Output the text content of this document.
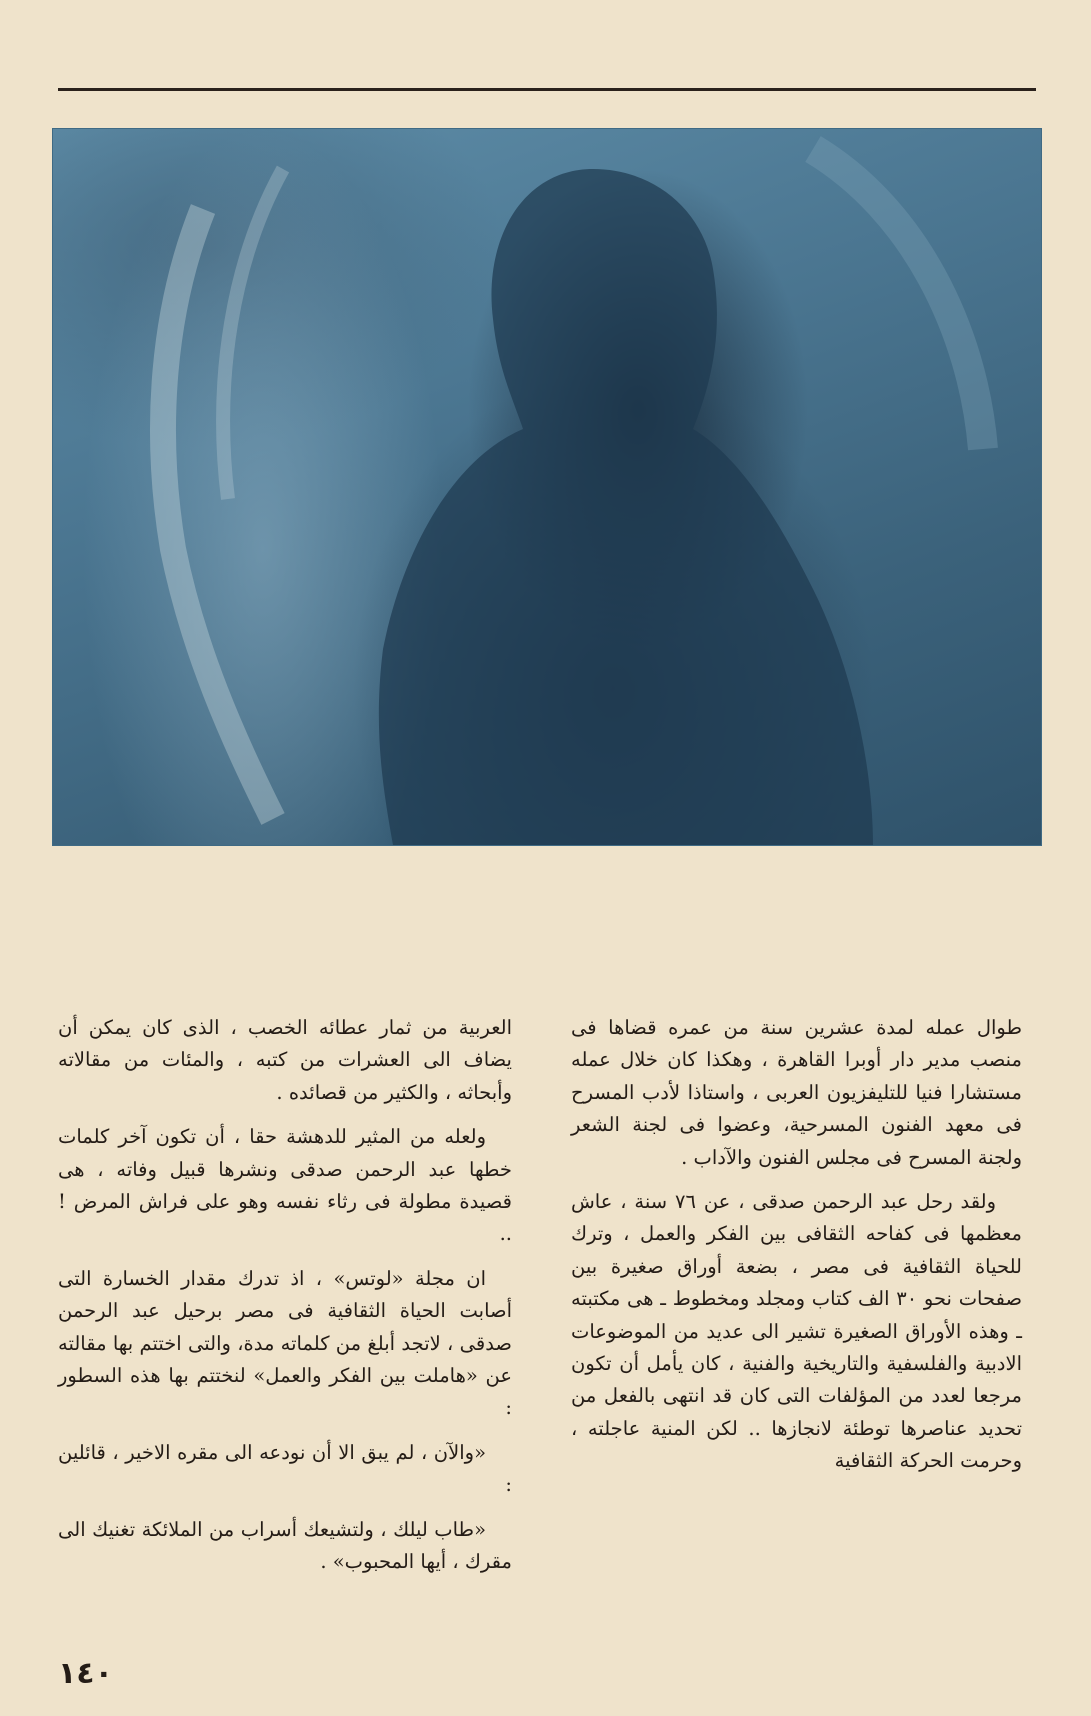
طوال عمله لمدة عشرين سنة من عمره قضاها فى منصب مدير دار أوبرا القاهرة ، وهكذا كان خلال عمله مستشارا فنيا للتليفزيون العربى ، واستاذا لأدب المسرح فى معهد الفنون المسرحية، وعضوا فى لجنة الشعر ولجنة المسرح فى مجلس الفنون والآداب .

ولقد رحل عبد الرحمن صدقى ، عن ٧٦ سنة ، عاش معظمها فى كفاحه الثقافى بين الفكر والعمل ، وترك للحياة الثقافية فى مصر ، بضعة أوراق صغيرة بين صفحات نحو ٣٠ الف كتاب ومجلد ومخطوط ـ هى مكتبته ـ وهذه الأوراق الصغيرة تشير الى عديد من الموضوعات الادبية والفلسفية والتاريخية والفنية ، كان يأمل أن تكون مرجعا لعدد من المؤلفات التى كان قد انتهى بالفعل من تحديد عناصرها توطئة لانجازها .. لكن المنية عاجلته ، وحرمت الحركة الثقافية

العربية من ثمار عطائه الخصب ، الذى كان يمكن أن يضاف الى العشرات من كتبه ، والمئات من مقالاته وأبحاثه ، والكثير من قصائده .

ولعله من المثير للدهشة حقا ، أن تكون آخر كلمات خطها عبد الرحمن صدقى ونشرها قبيل وفاته ، هى قصيدة مطولة فى رثاء نفسه وهو على فراش المرض ! ..

ان مجلة «لوتس» ، اذ تدرك مقدار الخسارة التى أصابت الحياة الثقافية فى مصر برحيل عبد الرحمن صدقى ، لاتجد أبلغ من كلماته مدة، والتى اختتم بها مقالته عن «هاملت بين الفكر والعمل» لنختتم بها هذه السطور :

«والآن ، لم يبق الا أن نودعه الى مقره الاخير ، قائلين :

«طاب ليلك ، ولتشيعك أسراب من الملائكة تغنيك الى مقرك ، أيها المحبوب» .

١٤٠
